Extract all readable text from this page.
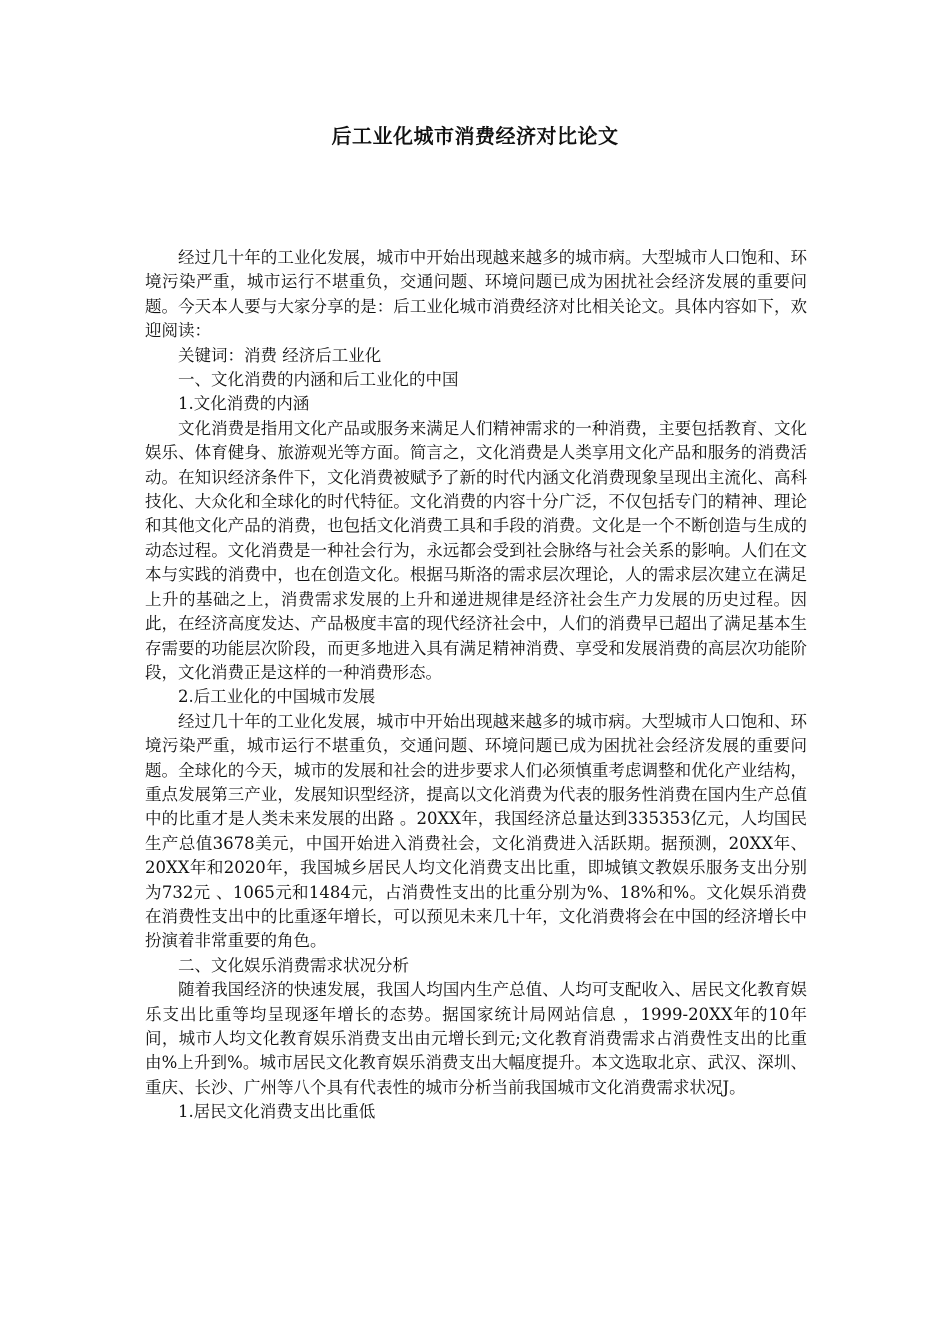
后工业化城市消费经济对比论文

经过几十年的工业化发展，城市中开始出现越来越多的城市病。大型城市人口饱和、环境污染严重，城市运行不堪重负，交通问题、环境问题已成为困扰社会经济发展的重要问题。今天本人要与大家分享的是：后工业化城市消费经济对比相关论文。具体内容如下，欢迎阅读：

关键词：消费 经济后工业化

一、文化消费的内涵和后工业化的中国

1.文化消费的内涵

文化消费是指用文化产品或服务来满足人们精神需求的一种消费，主要包括教育、文化娱乐、体育健身、旅游观光等方面。简言之，文化消费是人类享用文化产品和服务的消费活动。在知识经济条件下，文化消费被赋予了新的时代内涵文化消费现象呈现出主流化、高科技化、大众化和全球化的时代特征。文化消费的内容十分广泛，不仅包括专门的精神、理论和其他文化产品的消费，也包括文化消费工具和手段的消费。文化是一个不断创造与生成的动态过程。文化消费是一种社会行为，永远都会受到社会脉络与社会关系的影响。人们在文本与实践的消费中，也在创造文化。根据马斯洛的需求层次理论，人的需求层次建立在满足上升的基础之上，消费需求发展的上升和递进规律是经济社会生产力发展的历史过程。因此，在经济高度发达、产品极度丰富的现代经济社会中，人们的消费早已超出了满足基本生存需要的功能层次阶段，而更多地进入具有满足精神消费、享受和发展消费的高层次功能阶段，文化消费正是这样的一种消费形态。

2.后工业化的中国城市发展

经过几十年的工业化发展，城市中开始出现越来越多的城市病。大型城市人口饱和、环境污染严重，城市运行不堪重负，交通问题、环境问题已成为困扰社会经济发展的重要问题。全球化的今天，城市的发展和社会的进步要求人们必须慎重考虑调整和优化产业结构，重点发展第三产业，发展知识型经济，提高以文化消费为代表的服务性消费在国内生产总值中的比重才是人类未来发展的出路 。20XX年，我国经济总量达到335353亿元，人均国民生产总值3678美元，中国开始进入消费社会，文化消费进入活跃期。据预测，20XX年、20XX年和2020年，我国城乡居民人均文化消费支出比重，即城镇文教娱乐服务支出分别为732元 、1065元和1484元，占消费性支出的比重分别为%、18%和%。文化娱乐消费在消费性支出中的比重逐年增长，可以预见未来几十年，文化消费将会在中国的经济增长中扮演着非常重要的角色。

二、文化娱乐消费需求状况分析

随着我国经济的快速发展，我国人均国内生产总值、人均可支配收入、居民文化教育娱乐支出比重等均呈现逐年增长的态势。据国家统计局网站信息 ，1999-20XX年的10年间，城市人均文化教育娱乐消费支出由元增长到元;文化教育消费需求占消费性支出的比重由%上升到%。城市居民文化教育娱乐消费支出大幅度提升。本文选取北京、武汉、深圳、重庆、长沙、广州等八个具有代表性的城市分析当前我国城市文化消费需求状况J。

1.居民文化消费支出比重低
